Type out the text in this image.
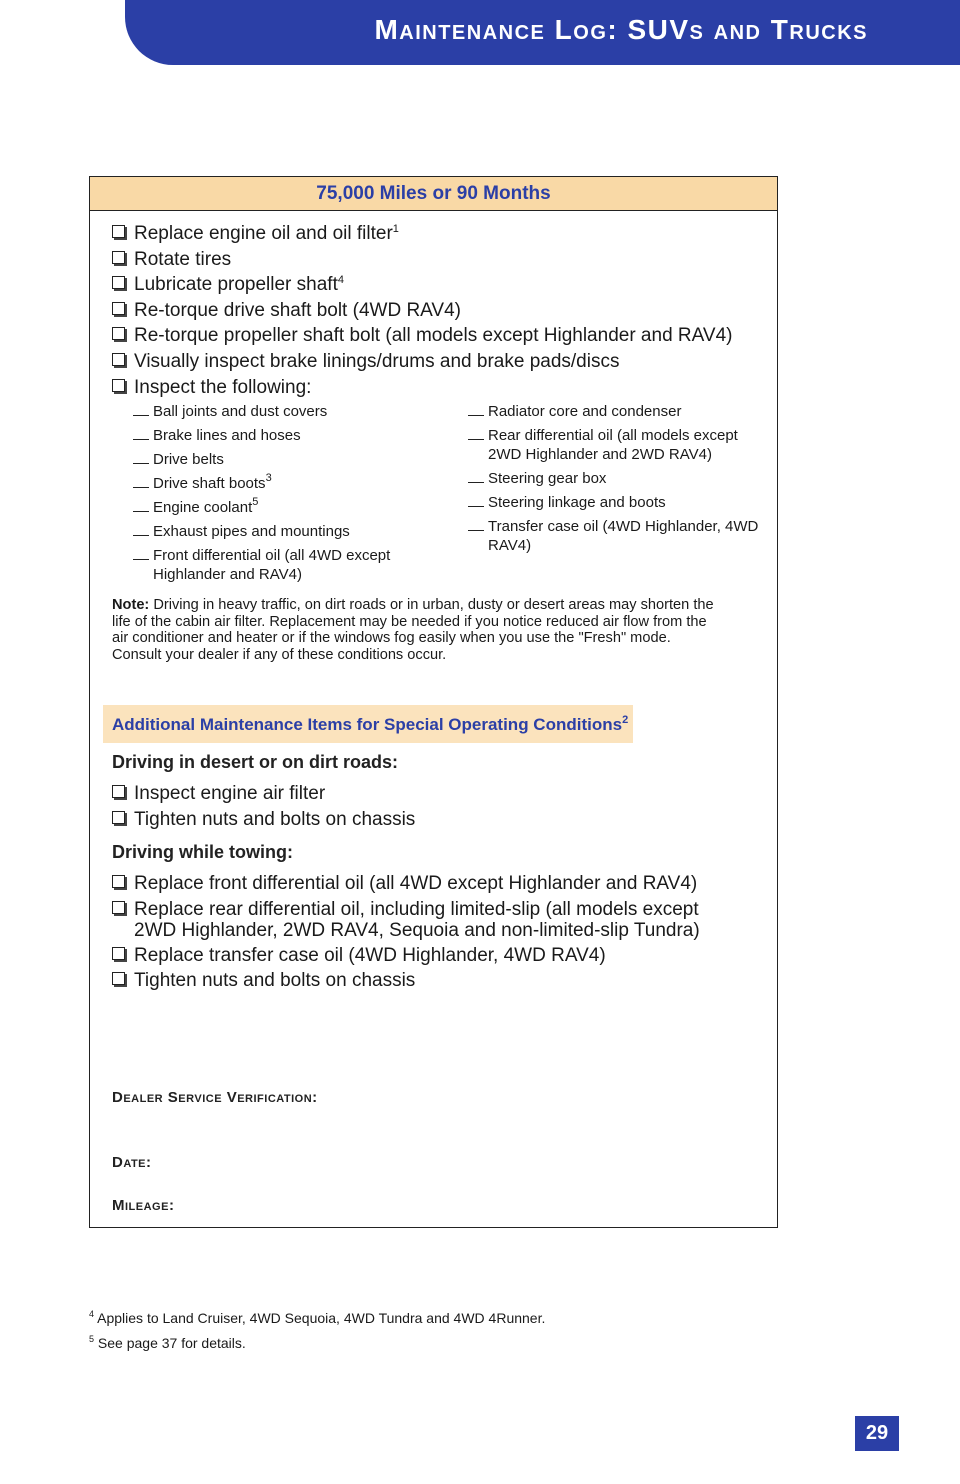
Maintenance Log: SUVs and Trucks
75,000 Miles or 90 Months
Replace engine oil and oil filter$^1$
Rotate tires
Lubricate propeller shaft$^4$
Re-torque drive shaft bolt (4WD RAV4)
Re-torque propeller shaft bolt (all models except Highlander and RAV4)
Visually inspect brake linings/drums and brake pads/discs
Inspect the following:
Ball joints and dust covers
Brake lines and hoses
Drive belts
Drive shaft boots$^3$
Engine coolant$^5$
Exhaust pipes and mountings
Front differential oil (all 4WD except Highlander and RAV4)
Radiator core and condenser
Rear differential oil (all models except 2WD Highlander and 2WD RAV4)
Steering gear box
Steering linkage and boots
Transfer case oil (4WD Highlander, 4WD RAV4)

Note: Driving in heavy traffic, on dirt roads or in urban, dusty or desert areas may shorten the life of the cabin air filter. Replacement may be needed if you notice reduced air flow from the air conditioner and heater or if the windows fog easily when you use the "Fresh" mode. Consult your dealer if any of these conditions occur.

Additional Maintenance Items for Special Operating Conditions$^2$
Driving in desert or on dirt roads:
Inspect engine air filter
Tighten nuts and bolts on chassis
Driving while towing:
Replace front differential oil (all 4WD except Highlander and RAV4)
Replace rear differential oil, including limited-slip (all models except 2WD Highlander, 2WD RAV4, Sequoia and non-limited-slip Tundra)
Replace transfer case oil (4WD Highlander, 4WD RAV4)
Tighten nuts and bolts on chassis
Dealer Service Verification:
Date:
Mileage:
$^4$ Applies to Land Cruiser, 4WD Sequoia, 4WD Tundra and 4WD 4Runner.
$^5$ See page 37 for details.
29
